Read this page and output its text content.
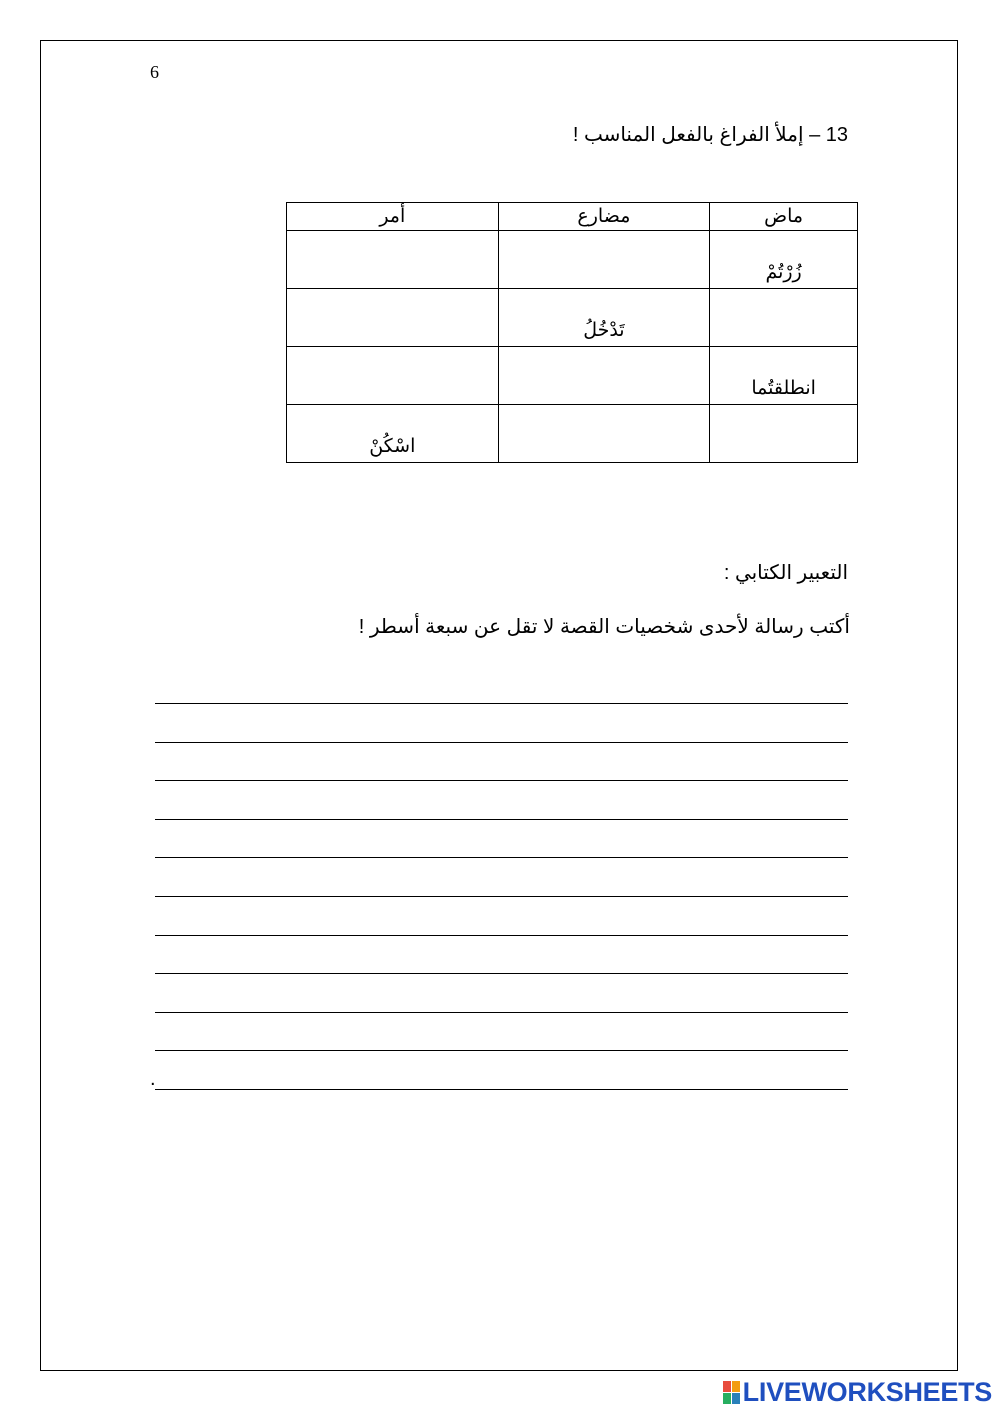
6
13 – إملأ الفراغ بالفعل المناسب !
ماض	مضارع	أمر
زُرْتُمْ		
	تَدْخُلُ	
انطلقتُما		
		اسْكُنْ
التعبير الكتابي :
أكتب رسالة لأحدى شخصيات القصة لا تقل عن سبعة أسطر !
.
LIVEWORKSHEETS
